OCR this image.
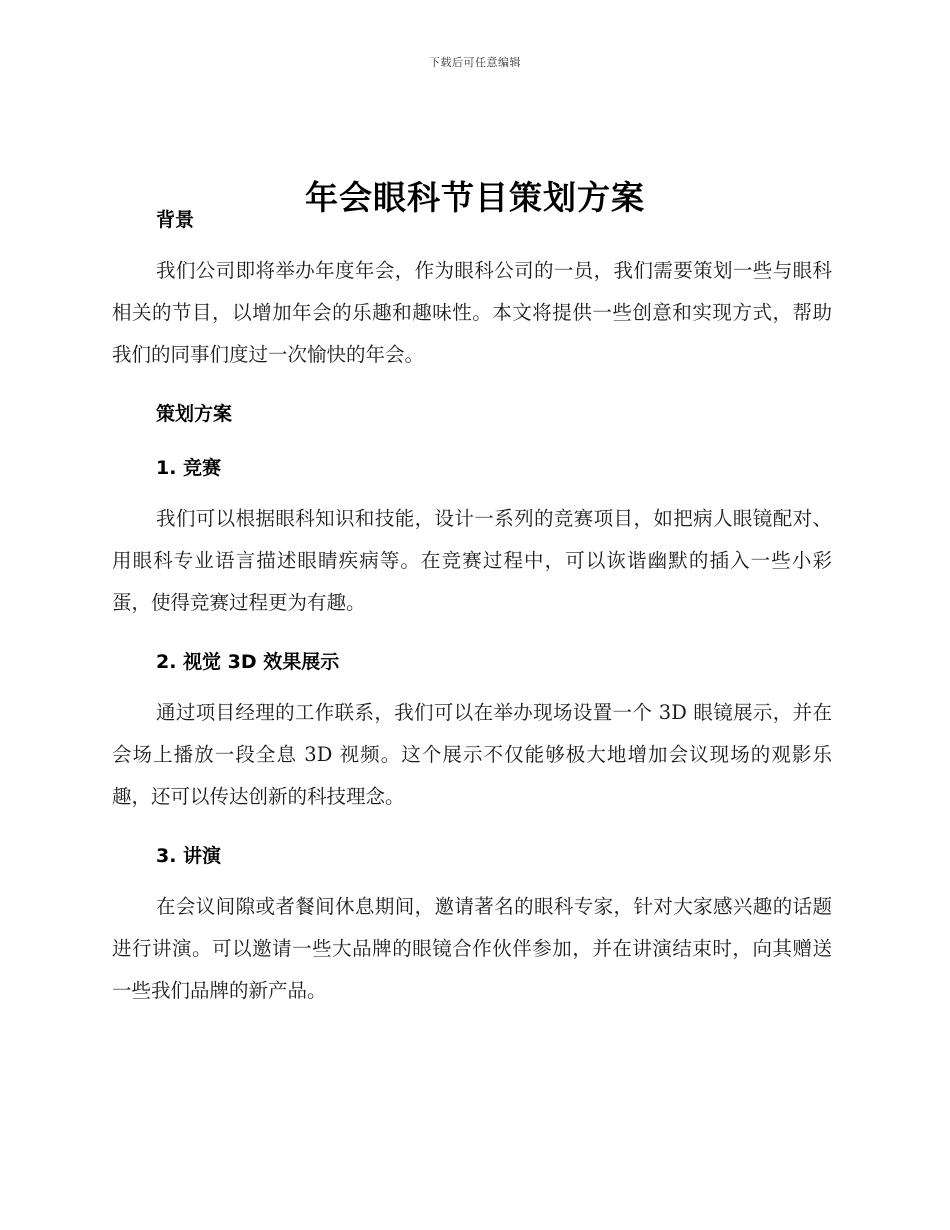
下载后可任意编辑
年会眼科节目策划方案

背景

我们公司即将举办年度年会，作为眼科公司的一员，我们需要策划一些与眼科相关的节目，以增加年会的乐趣和趣味性。本文将提供一些创意和实现方式，帮助我们的同事们度过一次愉快的年会。

策划方案

1. 竞赛

我们可以根据眼科知识和技能，设计一系列的竞赛项目，如把病人眼镜配对、用眼科专业语言描述眼睛疾病等。在竞赛过程中，可以诙谐幽默的插入一些小彩蛋，使得竞赛过程更为有趣。

2. 视觉 3D 效果展示

通过项目经理的工作联系，我们可以在举办现场设置一个 3D 眼镜展示，并在会场上播放一段全息 3D 视频。这个展示不仅能够极大地增加会议现场的观影乐趣，还可以传达创新的科技理念。

3. 讲演

在会议间隙或者餐间休息期间，邀请著名的眼科专家，针对大家感兴趣的话题进行讲演。可以邀请一些大品牌的眼镜合作伙伴参加，并在讲演结束时，向其赠送一些我们品牌的新产品。
